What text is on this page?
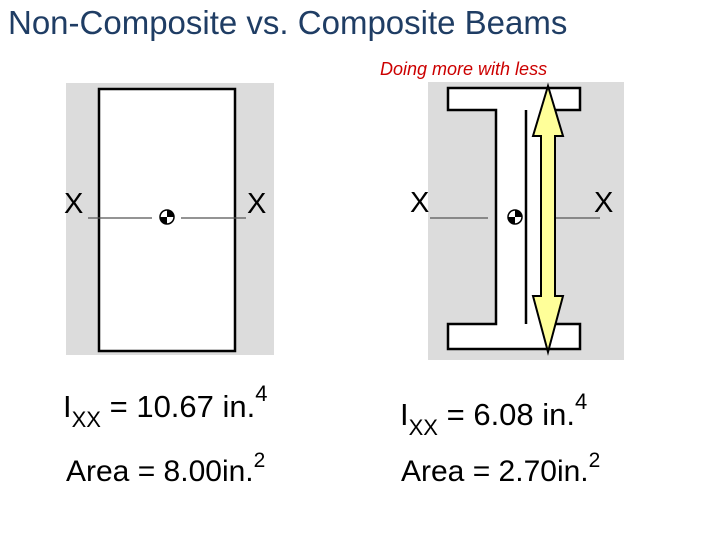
Non-Composite vs. Composite Beams
Doing more with less
X	X	X	X
$I_{XX} = 10.67$ in.$^4$
Area = 8.00in.$^2$
$I_{XX} = 6.08$ in.$^4$
Area = 2.70in.$^2$
